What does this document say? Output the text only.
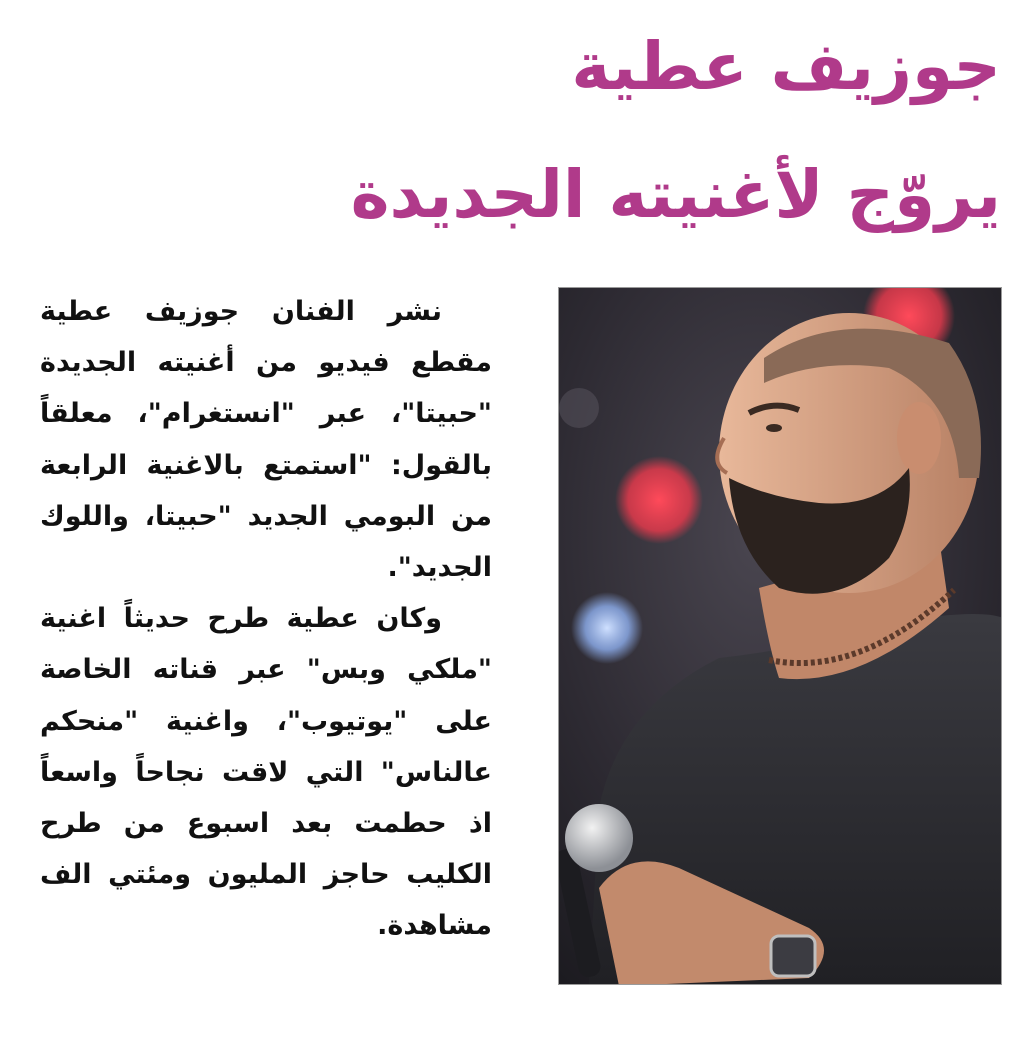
جوزيف عطية
يروّج لأغنيته الجديدة

نشر الفنان جوزيف عطية مقطع فيديو من أغنيته الجديدة "حبيتا"، عبر "انستغرام"، معلقاً بالقول: "استمتع بالاغنية الرابعة من البومي الجديد "حبيتا، واللوك الجديد".

وكان عطية طرح حديثاً اغنية "ملكي وبس" عبر قناته الخاصة على "يوتيوب"، واغنية "منحكم عالناس" التي لاقت نجاحاً واسعاً اذ حطمت بعد اسبوع من طرح الكليب حاجز المليون ومئتي الف مشاهدة.
